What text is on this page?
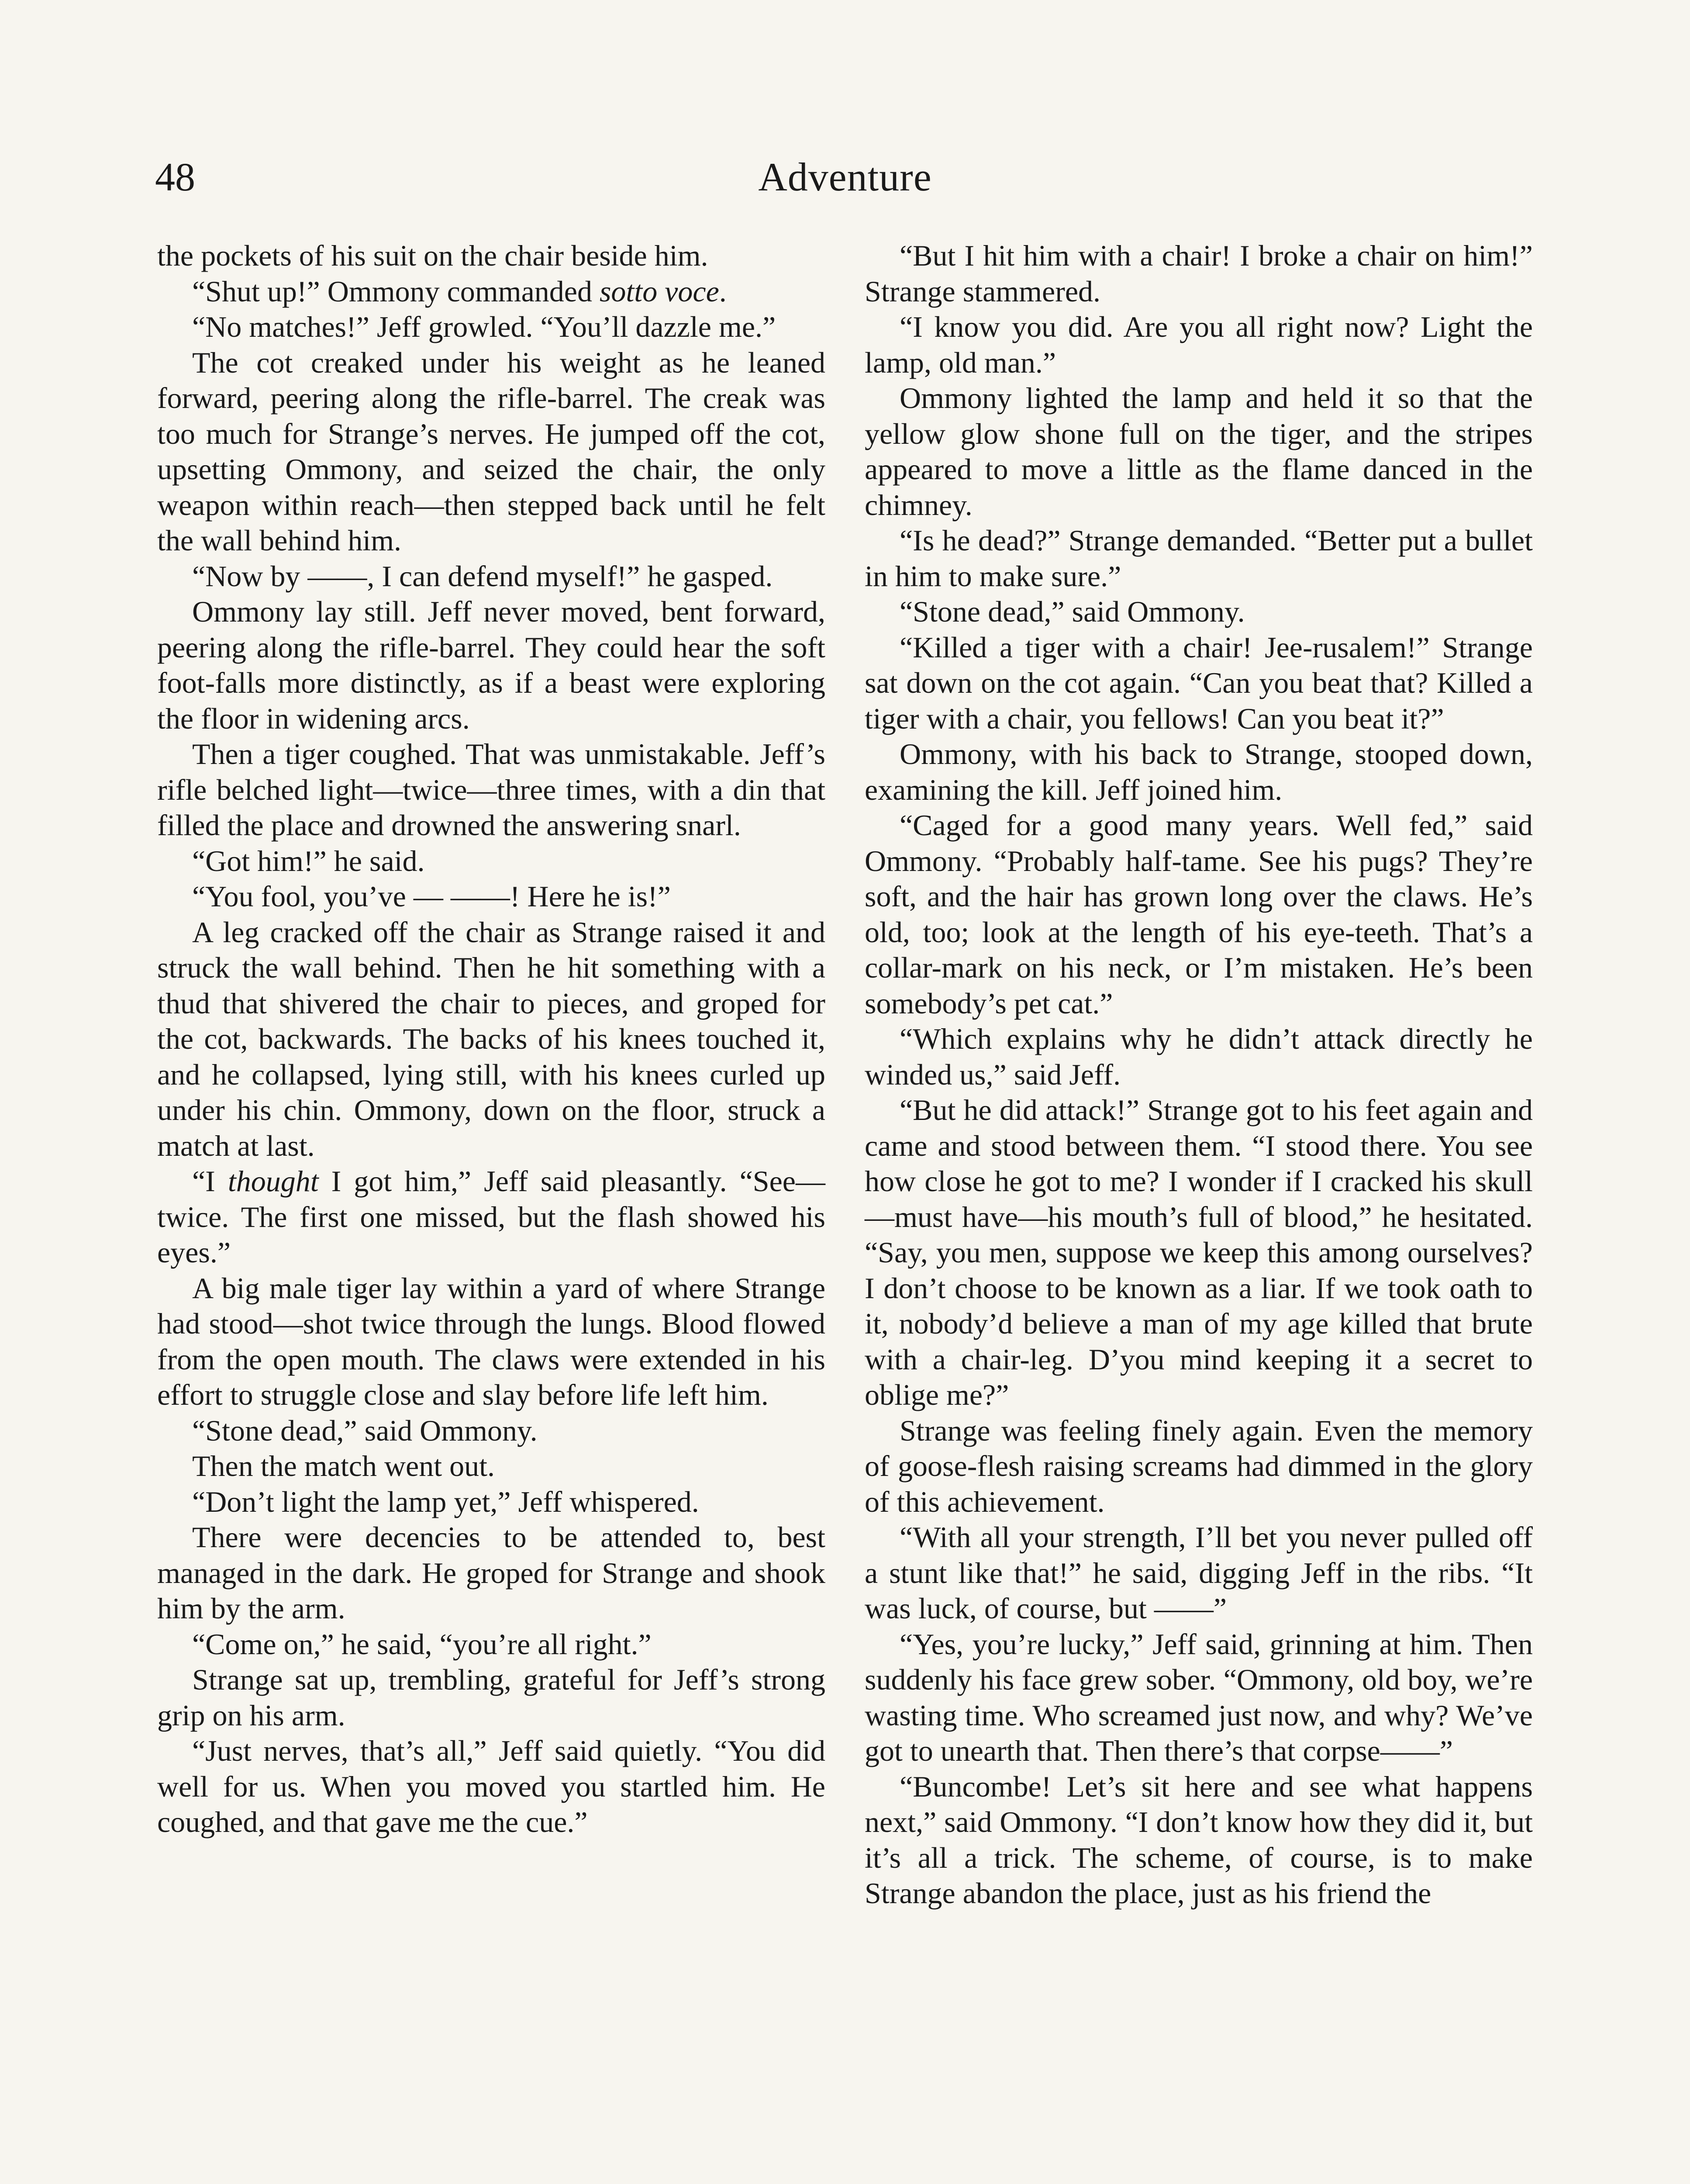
48	Adventure

the pockets of his suit on the chair beside him.

“Shut up!” Ommony commanded sotto voce.

“No matches!” Jeff growled. “You’ll dazzle me.”

The cot creaked under his weight as he leaned forward, peering along the rifle-barrel. The creak was too much for Strange’s nerves. He jumped off the cot, upsetting Ommony, and seized the chair, the only weapon within reach—then stepped back until he felt the wall behind him.

“Now by ——, I can defend myself!” he gasped.

Ommony lay still. Jeff never moved, bent forward, peering along the rifle-barrel. They could hear the soft foot-falls more distinctly, as if a beast were exploring the floor in widening arcs.

Then a tiger coughed. That was unmistakable. Jeff’s rifle belched light—twice—three times, with a din that filled the place and drowned the answering snarl.

“Got him!” he said.

“You fool, you’ve — ——! Here he is!”

A leg cracked off the chair as Strange raised it and struck the wall behind. Then he hit something with a thud that shivered the chair to pieces, and groped for the cot, backwards. The backs of his knees touched it, and he collapsed, lying still, with his knees curled up under his chin. Ommony, down on the floor, struck a match at last.

“I thought I got him,” Jeff said pleasantly. “See—twice. The first one missed, but the flash showed his eyes.”

A big male tiger lay within a yard of where Strange had stood—shot twice through the lungs. Blood flowed from the open mouth. The claws were extended in his effort to struggle close and slay before life left him.

“Stone dead,” said Ommony.

Then the match went out.

“Don’t light the lamp yet,” Jeff whispered.

There were decencies to be attended to, best managed in the dark. He groped for Strange and shook him by the arm.

“Come on,” he said, “you’re all right.”

Strange sat up, trembling, grateful for Jeff’s strong grip on his arm.

“Just nerves, that’s all,” Jeff said quietly. “You did well for us. When you moved you startled him. He coughed, and that gave me the cue.”

“But I hit him with a chair! I broke a chair on him!” Strange stammered.

“I know you did. Are you all right now? Light the lamp, old man.”

Ommony lighted the lamp and held it so that the yellow glow shone full on the tiger, and the stripes appeared to move a little as the flame danced in the chimney.

“Is he dead?” Strange demanded. “Better put a bullet in him to make sure.”

“Stone dead,” said Ommony.

“Killed a tiger with a chair! Jee-rusalem!” Strange sat down on the cot again. “Can you beat that? Killed a tiger with a chair, you fellows! Can you beat it?”

Ommony, with his back to Strange, stooped down, examining the kill. Jeff joined him.

“Caged for a good many years. Well fed,” said Ommony. “Probably half-tame. See his pugs? They’re soft, and the hair has grown long over the claws. He’s old, too; look at the length of his eye-teeth. That’s a collar-mark on his neck, or I’m mistaken. He’s been somebody’s pet cat.”

“Which explains why he didn’t attack directly he winded us,” said Jeff.

“But he did attack!” Strange got to his feet again and came and stood between them. “I stood there. You see how close he got to me? I wonder if I cracked his skull—must have—his mouth’s full of blood,” he hesitated. “Say, you men, suppose we keep this among ourselves? I don’t choose to be known as a liar. If we took oath to it, nobody’d believe a man of my age killed that brute with a chair-leg. D’you mind keeping it a secret to oblige me?”

Strange was feeling finely again. Even the memory of goose-flesh raising screams had dimmed in the glory of this achievement.

“With all your strength, I’ll bet you never pulled off a stunt like that!” he said, digging Jeff in the ribs. “It was luck, of course, but ——”

“Yes, you’re lucky,” Jeff said, grinning at him. Then suddenly his face grew sober. “Ommony, old boy, we’re wasting time. Who screamed just now, and why? We’ve got to unearth that. Then there’s that corpse——”

“Buncombe! Let’s sit here and see what happens next,” said Ommony. “I don’t know how they did it, but it’s all a trick. The scheme, of course, is to make Strange abandon the place, just as his friend the
